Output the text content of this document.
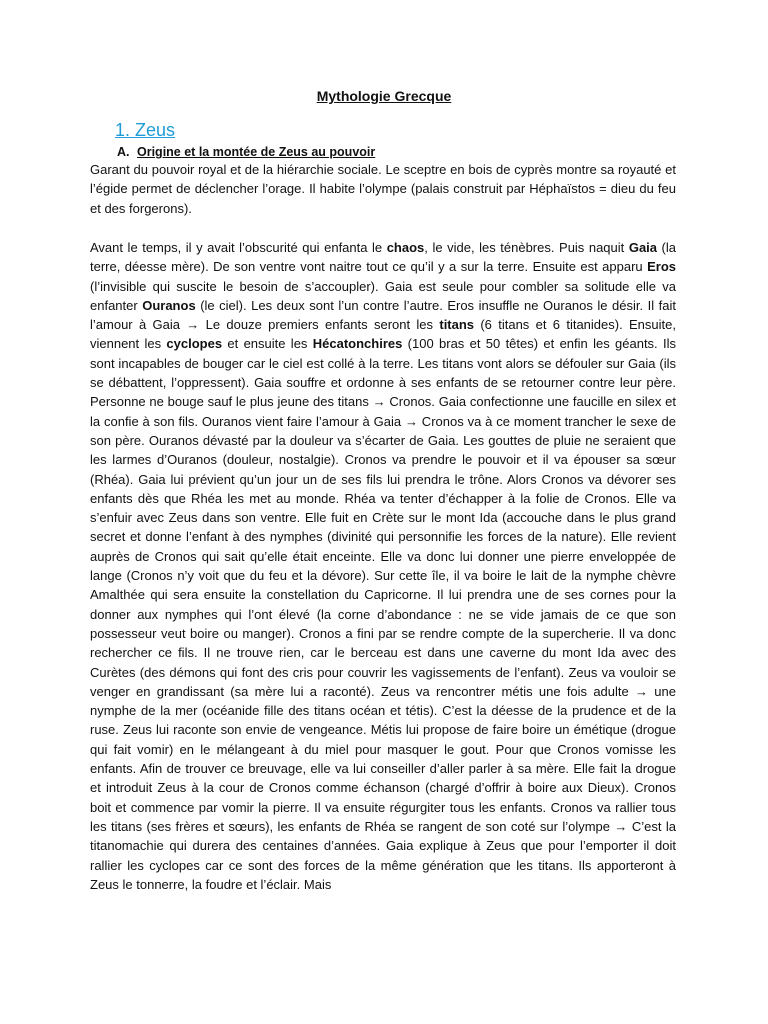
Mythologie Grecque
1. Zeus
A. Origine et la montée de Zeus au pouvoir

Garant du pouvoir royal et de la hiérarchie sociale. Le sceptre en bois de cyprès montre sa royauté et l’égide permet de déclencher l’orage. Il habite l’olympe (palais construit par Héphaïstos = dieu du feu et des forgerons).

Avant le temps, il y avait l’obscurité qui enfanta le chaos, le vide, les ténèbres. Puis naquit Gaia (la terre, déesse mère). De son ventre vont naitre tout ce qu’il y a sur la terre. Ensuite est apparu Eros (l’invisible qui suscite le besoin de s’accoupler). Gaia est seule pour combler sa solitude elle va enfanter Ouranos (le ciel). Les deux sont l’un contre l’autre. Eros insuffle ne Ouranos le désir. Il fait l’amour à Gaia → Le douze premiers enfants seront les titans (6 titans et 6 titanides). Ensuite, viennent les cyclopes et ensuite les Hécatonchires (100 bras et 50 têtes) et enfin les géants. Ils sont incapables de bouger car le ciel est collé à la terre. Les titans vont alors se défouler sur Gaia (ils se débattent, l’oppressent). Gaia souffre et ordonne à ses enfants de se retourner contre leur père. Personne ne bouge sauf le plus jeune des titans → Cronos. Gaia confectionne une faucille en silex et la confie à son fils. Ouranos vient faire l’amour à Gaia → Cronos va à ce moment trancher le sexe de son père. Ouranos dévasté par la douleur va s’écarter de Gaia. Les gouttes de pluie ne seraient que les larmes d’Ouranos (douleur, nostalgie). Cronos va prendre le pouvoir et il va épouser sa sœur (Rhéa). Gaia lui prévient qu’un jour un de ses fils lui prendra le trône. Alors Cronos va dévorer ses enfants dès que Rhéa les met au monde. Rhéa va tenter d’échapper à la folie de Cronos. Elle va s’enfuir avec Zeus dans son ventre. Elle fuit en Crète sur le mont Ida (accouche dans le plus grand secret et donne l’enfant à des nymphes (divinité qui personnifie les forces de la nature). Elle revient auprès de Cronos qui sait qu’elle était enceinte. Elle va donc lui donner une pierre enveloppée de lange (Cronos n’y voit que du feu et la dévore). Sur cette île, il va boire le lait de la nymphe chèvre Amalthée qui sera ensuite la constellation du Capricorne. Il lui prendra une de ses cornes pour la donner aux nymphes qui l’ont élevé (la corne d’abondance : ne se vide jamais de ce que son possesseur veut boire ou manger). Cronos a fini par se rendre compte de la supercherie. Il va donc rechercher ce fils. Il ne trouve rien, car le berceau est dans une caverne du mont Ida avec des Curètes (des démons qui font des cris pour couvrir les vagissements de l’enfant). Zeus va vouloir se venger en grandissant (sa mère lui a raconté). Zeus va rencontrer métis une fois adulte → une nymphe de la mer (océanide fille des titans océan et tétis). C’est la déesse de la prudence et de la ruse. Zeus lui raconte son envie de vengeance. Métis lui propose de faire boire un émétique (drogue qui fait vomir) en le mélangeant à du miel pour masquer le gout. Pour que Cronos vomisse les enfants. Afin de trouver ce breuvage, elle va lui conseiller d’aller parler à sa mère. Elle fait la drogue et introduit Zeus à la cour de Cronos comme échanson (chargé d’offrir à boire aux Dieux). Cronos boit et commence par vomir la pierre. Il va ensuite régurgiter tous les enfants. Cronos va rallier tous les titans (ses frères et sœurs), les enfants de Rhéa se rangent de son coté sur l’olympe → C’est la titanomachie qui durera des centaines d’années. Gaia explique à Zeus que pour l’emporter il doit rallier les cyclopes car ce sont des forces de la même génération que les titans. Ils apporteront à Zeus le tonnerre, la foudre et l’éclair. Mais
